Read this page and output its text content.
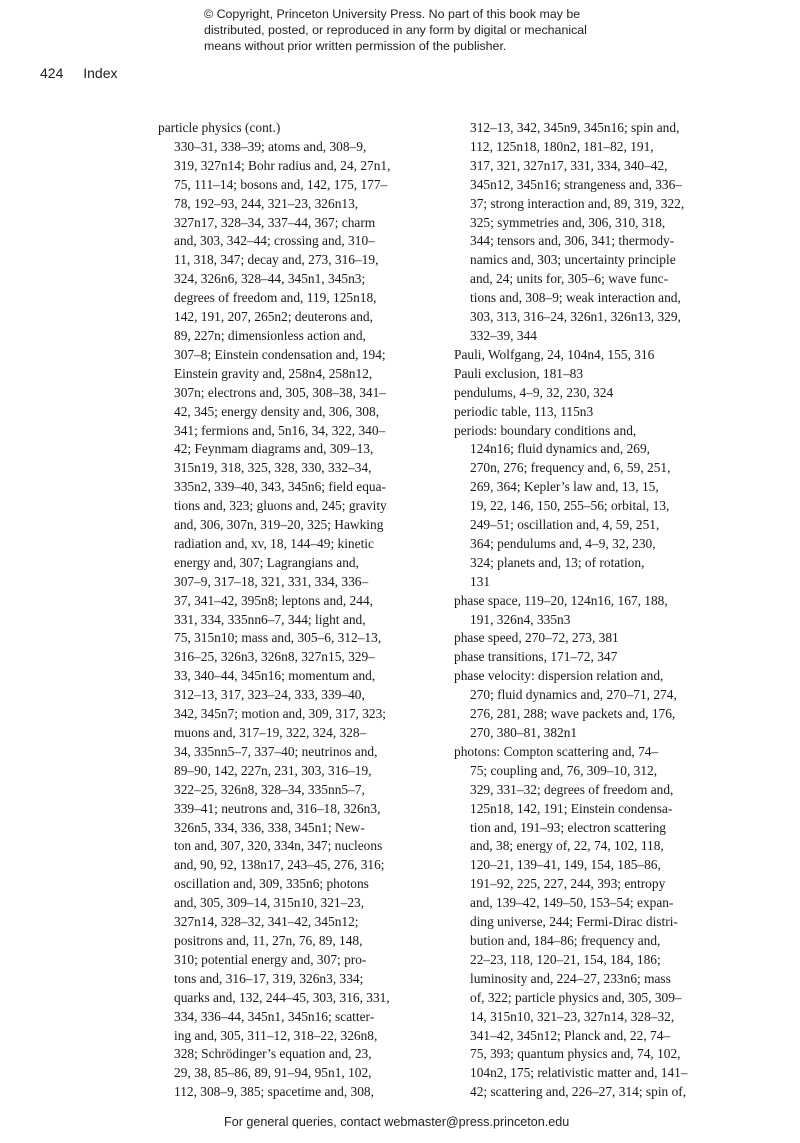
© Copyright, Princeton University Press. No part of this book may be
distributed, posted, or reproduced in any form by digital or mechanical
means without prior written permission of the publisher.
424 Index
particle physics (cont.)
330–31, 338–39; atoms and, 308–9,
319, 327n14; Bohr radius and, 24, 27n1,
75, 111–14; bosons and, 142, 175, 177–
78, 192–93, 244, 321–23, 326n13,
327n17, 328–34, 337–44, 367; charm
and, 303, 342–44; crossing and, 310–
11, 318, 347; decay and, 273, 316–19,
324, 326n6, 328–44, 345n1, 345n3;
degrees of freedom and, 119, 125n18,
142, 191, 207, 265n2; deuterons and,
89, 227n; dimensionless action and,
307–8; Einstein condensation and, 194;
Einstein gravity and, 258n4, 258n12,
307n; electrons and, 305, 308–38, 341–
42, 345; energy density and, 306, 308,
341; fermions and, 5n16, 34, 322, 340–
42; Feynmam diagrams and, 309–13,
315n19, 318, 325, 328, 330, 332–34,
335n2, 339–40, 343, 345n6; field equa-
tions and, 323; gluons and, 245; gravity
and, 306, 307n, 319–20, 325; Hawking
radiation and, xv, 18, 144–49; kinetic
energy and, 307; Lagrangians and,
307–9, 317–18, 321, 331, 334, 336–
37, 341–42, 395n8; leptons and, 244,
331, 334, 335nn6–7, 344; light and,
75, 315n10; mass and, 305–6, 312–13,
316–25, 326n3, 326n8, 327n15, 329–
33, 340–44, 345n16; momentum and,
312–13, 317, 323–24, 333, 339–40,
342, 345n7; motion and, 309, 317, 323;
muons and, 317–19, 322, 324, 328–
34, 335nn5–7, 337–40; neutrinos and,
89–90, 142, 227n, 231, 303, 316–19,
322–25, 326n8, 328–34, 335nn5–7,
339–41; neutrons and, 316–18, 326n3,
326n5, 334, 336, 338, 345n1; New-
ton and, 307, 320, 334n, 347; nucleons
and, 90, 92, 138n17, 243–45, 276, 316;
oscillation and, 309, 335n6; photons
and, 305, 309–14, 315n10, 321–23,
327n14, 328–32, 341–42, 345n12;
positrons and, 11, 27n, 76, 89, 148,
310; potential energy and, 307; pro-
tons and, 316–17, 319, 326n3, 334;
quarks and, 132, 244–45, 303, 316, 331,
334, 336–44, 345n1, 345n16; scatter-
ing and, 305, 311–12, 318–22, 326n8,
328; Schrödinger’s equation and, 23,
29, 38, 85–86, 89, 91–94, 95n1, 102,
112, 308–9, 385; spacetime and, 308,
312–13, 342, 345n9, 345n16; spin and,
112, 125n18, 180n2, 181–82, 191,
317, 321, 327n17, 331, 334, 340–42,
345n12, 345n16; strangeness and, 336–
37; strong interaction and, 89, 319, 322,
325; symmetries and, 306, 310, 318,
344; tensors and, 306, 341; thermody-
namics and, 303; uncertainty principle
and, 24; units for, 305–6; wave func-
tions and, 308–9; weak interaction and,
303, 313, 316–24, 326n1, 326n13, 329,
332–39, 344
Pauli, Wolfgang, 24, 104n4, 155, 316
Pauli exclusion, 181–83
pendulums, 4–9, 32, 230, 324
periodic table, 113, 115n3
periods: boundary conditions and,
124n16; fluid dynamics and, 269,
270n, 276; frequency and, 6, 59, 251,
269, 364; Kepler’s law and, 13, 15,
19, 22, 146, 150, 255–56; orbital, 13,
249–51; oscillation and, 4, 59, 251,
364; pendulums and, 4–9, 32, 230,
324; planets and, 13; of rotation,
131
phase space, 119–20, 124n16, 167, 188,
191, 326n4, 335n3
phase speed, 270–72, 273, 381
phase transitions, 171–72, 347
phase velocity: dispersion relation and,
270; fluid dynamics and, 270–71, 274,
276, 281, 288; wave packets and, 176,
270, 380–81, 382n1
photons: Compton scattering and, 74–
75; coupling and, 76, 309–10, 312,
329, 331–32; degrees of freedom and,
125n18, 142, 191; Einstein condensa-
tion and, 191–93; electron scattering
and, 38; energy of, 22, 74, 102, 118,
120–21, 139–41, 149, 154, 185–86,
191–92, 225, 227, 244, 393; entropy
and, 139–42, 149–50, 153–54; expan-
ding universe, 244; Fermi-Dirac distri-
bution and, 184–86; frequency and,
22–23, 118, 120–21, 154, 184, 186;
luminosity and, 224–27, 233n6; mass
of, 322; particle physics and, 305, 309–
14, 315n10, 321–23, 327n14, 328–32,
341–42, 345n12; Planck and, 22, 74–
75, 393; quantum physics and, 74, 102,
104n2, 175; relativistic matter and, 141–
42; scattering and, 226–27, 314; spin of,
For general queries, contact webmaster@press.princeton.edu
